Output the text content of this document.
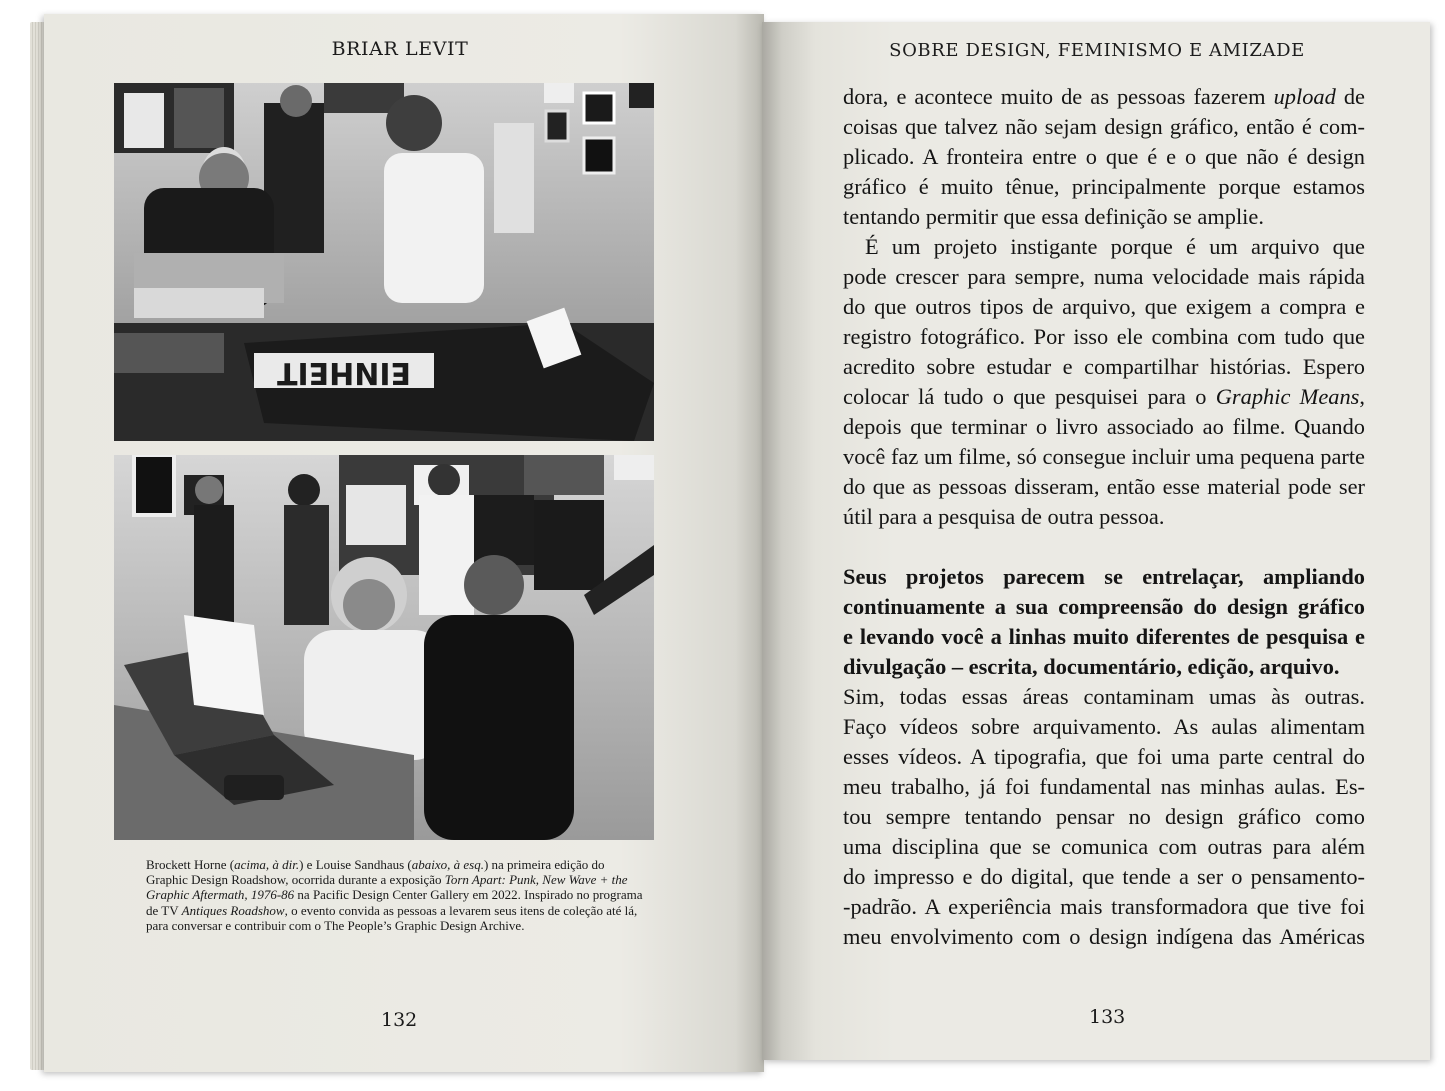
BRIAR LEVIT
EINHEIT
Brockett Horne (acima, à dir.) e Louise Sandhaus (abaixo, à esq.) na primeira edição do Graphic Design Roadshow, ocorrida durante a exposição Torn Apart: Punk, New Wave + the Graphic Aftermath, 1976-86 na Pacific Design Center Gallery em 2022. Inspirado no programa de TV Antiques Roadshow, o evento convida as pessoas a levarem seus itens de coleção até lá, para conversar e contribuir com o The People’s Graphic Design Archive.
132
SOBRE DESIGN, FEMINISMO E AMIZADE
dora, e acontece muito de as pessoas fazerem upload de
coisas que talvez não sejam design gráfico, então é com-
plicado. A fronteira entre o que é e o que não é design
gráfico é muito tênue, principalmente porque estamos
tentando permitir que essa definição se amplie.
É um projeto instigante porque é um arquivo que
pode crescer para sempre, numa velocidade mais rápida
do que outros tipos de arquivo, que exigem a compra e
registro fotográfico. Por isso ele combina com tudo que
acredito sobre estudar e compartilhar histórias. Espero
colocar lá tudo o que pesquisei para o Graphic Means,
depois que terminar o livro associado ao filme. Quando
você faz um filme, só consegue incluir uma pequena parte
do que as pessoas disseram, então esse material pode ser
útil para a pesquisa de outra pessoa.
Seus projetos parecem se entrelaçar, ampliando
continuamente a sua compreensão do design gráfico
e levando você a linhas muito diferentes de pesquisa e
divulgação – escrita, documentário, edição, arquivo.
Sim, todas essas áreas contaminam umas às outras.
Faço vídeos sobre arquivamento. As aulas alimentam
esses vídeos. A tipografia, que foi uma parte central do
meu trabalho, já foi fundamental nas minhas aulas. Es-
tou sempre tentando pensar no design gráfico como
uma disciplina que se comunica com outras para além
do impresso e do digital, que tende a ser o pensamento-
-padrão. A experiência mais transformadora que tive foi
meu envolvimento com o design indígena das Américas
133
